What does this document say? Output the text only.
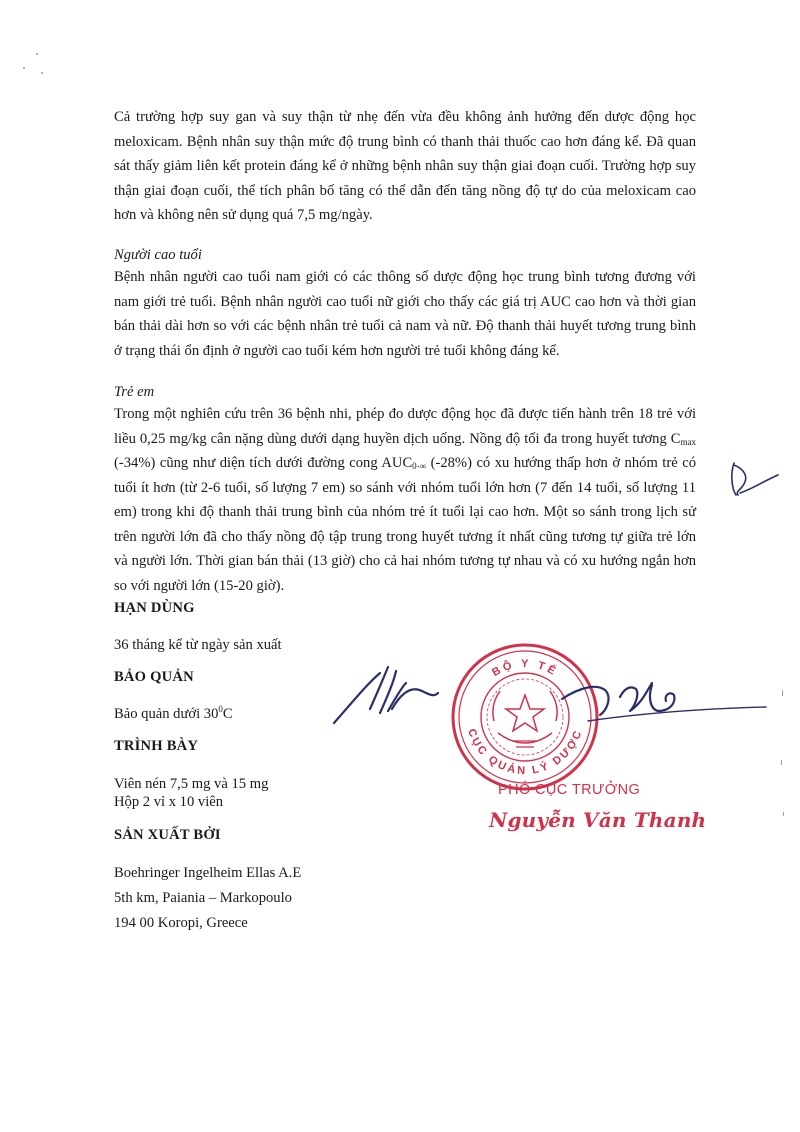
Cả trường hợp suy gan và suy thận từ nhẹ đến vừa đều không ảnh hưởng đến dược động học meloxicam. Bệnh nhân suy thận mức độ trung bình có thanh thải thuốc cao hơn đáng kể. Đã quan sát thấy giảm liên kết protein đáng kể ở những bệnh nhân suy thận giai đoạn cuối. Trường hợp suy thận giai đoạn cuối, thể tích phân bố tăng có thể dẫn đến tăng nồng độ tự do của meloxicam cao hơn và không nên sử dụng quá 7,5 mg/ngày.
Người cao tuổi
Bệnh nhân người cao tuổi nam giới có các thông số dược động học trung bình tương đương với nam giới trẻ tuổi. Bệnh nhân người cao tuổi nữ giới cho thấy các giá trị AUC cao hơn và thời gian bán thải dài hơn so với các bệnh nhân trẻ tuổi cả nam và nữ. Độ thanh thải huyết tương trung bình ở trạng thái ổn định ở người cao tuổi kém hơn người trẻ tuổi không đáng kể.
Trẻ em
Trong một nghiên cứu trên 36 bệnh nhi, phép đo dược động học đã được tiến hành trên 18 trẻ với liều 0,25 mg/kg cân nặng dùng dưới dạng huyền dịch uống. Nồng độ tối đa trong huyết tương $C_{max}$ (-34%) cũng như diện tích dưới đường cong $AUC_{0-\infty}$ (-28%) có xu hướng thấp hơn ở nhóm trẻ có tuổi ít hơn (từ 2-6 tuổi, số lượng 7 em) so sánh với nhóm tuổi lớn hơn (7 đến 14 tuổi, số lượng 11 em) trong khi độ thanh thải trung bình của nhóm trẻ ít tuổi lại cao hơn. Một so sánh trong lịch sử trên người lớn đã cho thấy nồng độ tập trung trong huyết tương ít nhất cũng tương tự giữa trẻ lớn và người lớn. Thời gian bán thải (13 giờ) cho cả hai nhóm tương tự nhau và có xu hướng ngắn hơn so với người lớn (15-20 giờ).
HẠN DÙNG
36 tháng kể từ ngày sản xuất
BẢO QUẢN
Bảo quản dưới $30^0C$
TRÌNH BÀY
Viên nén 7,5 mg và 15 mg
Hộp 2 vỉ x 10 viên
SẢN XUẤT BỞI
Boehringer Ingelheim Ellas A.E
5th km, Paiania – Markopoulo
194 00 Koropi, Greece
BỘ Y TẾ
CỤC QUẢN LÝ DƯỢC
PHÓ CỤC TRƯỞNG
Nguyễn Văn Thanh
